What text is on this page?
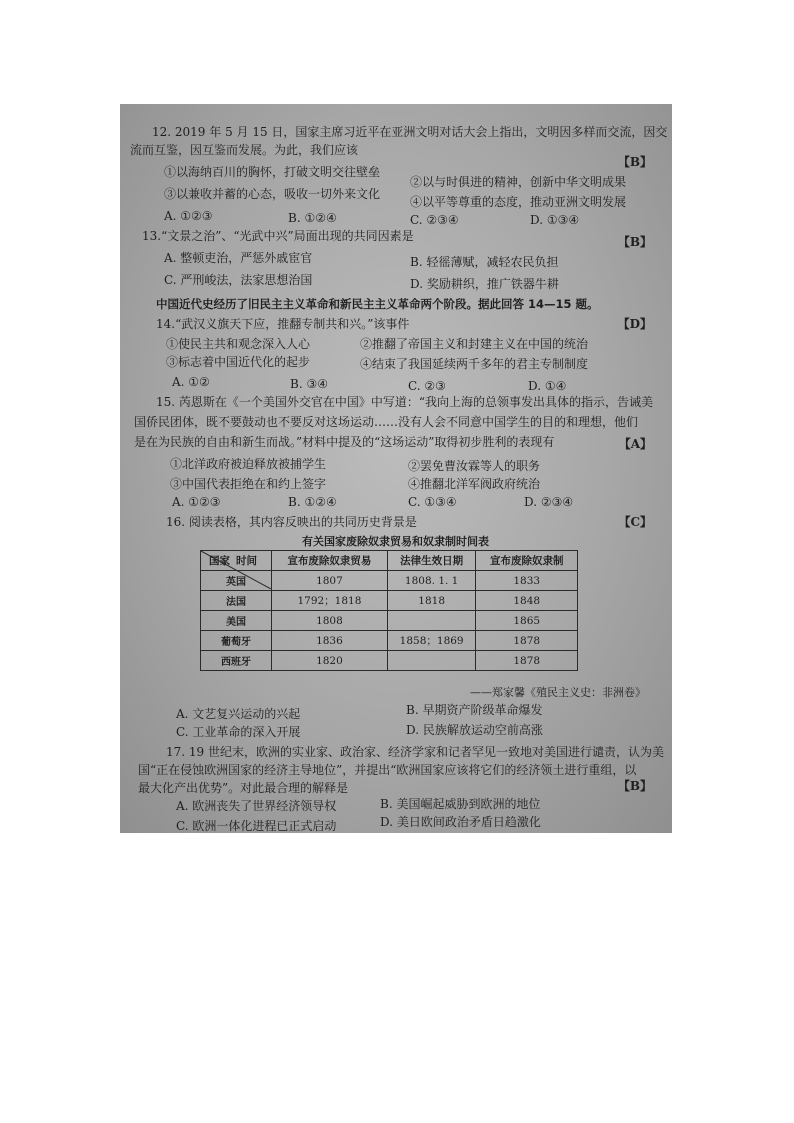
12. 2019 年 5 月 15 日，国家主席习近平在亚洲文明对话大会上指出，文明因多样而交流，因交
流而互鉴，因互鉴而发展。为此，我们应该
【B】
①以海纳百川的胸怀，打破文明交往壁垒
②以与时俱进的精神，创新中华文明成果
③以兼收并蓄的心态，吸收一切外来文化
④以平等尊重的态度，推动亚洲文明发展
A. ①②③	B. ①②④	C. ②③④	D. ①③④
13.“文景之治”、“光武中兴”局面出现的共同因素是	【B】
A. 整顿吏治，严惩外戚宦官	B. 轻徭薄赋，减轻农民负担
C. 严刑峻法，法家思想治国	D. 奖励耕织，推广铁器牛耕
中国近代史经历了旧民主主义革命和新民主主义革命两个阶段。据此回答 14—15 题。
14.“武汉义旗天下应，推翻专制共和兴。”该事件	【D】
①使民主共和观念深入人心	②推翻了帝国主义和封建主义在中国的统治
③标志着中国近代化的起步	④结束了我国延续两千多年的君主专制制度
A. ①②	B. ③④	C. ②③	D. ①④
15. 芮恩斯在《一个美国外交官在中国》中写道：“我向上海的总领事发出具体的指示，告诫美
国侨民团体，既不要鼓动也不要反对这场运动……没有人会不同意中国学生的目的和理想，他们
是在为民族的自由和新生而战。”材料中提及的“这场运动”取得初步胜利的表现有	【A】
①北洋政府被迫释放被捕学生	②罢免曹汝霖等人的职务
③中国代表拒绝在和约上签字	④推翻北洋军阀政府统治
A. ①②③	B. ①②④	C. ①③④	D. ②③④
16. 阅读表格，其内容反映出的共同历史背景是	【C】
有关国家废除奴隶贸易和奴隶制时间表
时间
国家	宣布废除奴隶贸易	法律生效日期	宣布废除奴隶制
英国	1807	1808. 1. 1	1833
法国	1792；1818	1818	1848
美国	1808		1865
葡萄牙	1836	1858；1869	1878
西班牙	1820		1878
——郑家馨《殖民主义史：非洲卷》
A. 文艺复兴运动的兴起	B. 早期资产阶级革命爆发
C. 工业革命的深入开展	D. 民族解放运动空前高涨
17. 19 世纪末，欧洲的实业家、政治家、经济学家和记者罕见一致地对美国进行谴责，认为美
国“正在侵蚀欧洲国家的经济主导地位”，并提出“欧洲国家应该将它们的经济领土进行重组，以
最大化产出优势”。对此最合理的解释是	【B】
A. 欧洲丧失了世界经济领导权	B. 美国崛起威胁到欧洲的地位
C. 欧洲一体化进程已正式启动	D. 美日欧间政治矛盾日趋激化
